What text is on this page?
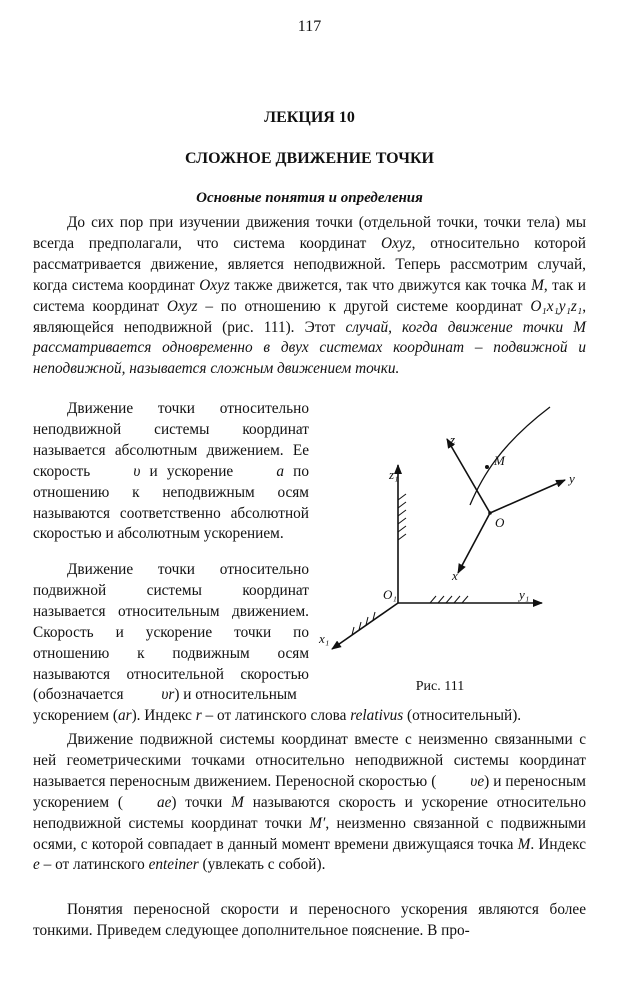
117
ЛЕКЦИЯ 10
СЛОЖНОЕ ДВИЖЕНИЕ ТОЧКИ
Основные понятия и определения
До сих пор при изучении движения точки (отдельной точки, точки тела) мы всегда предполагали, что система координат Oxyz, относительно которой рассматривается движение, является неподвижной. Теперь рассмотрим случай, когда система координат Oxyz также движется, так что движутся как точка M, так и система координат Oxyz – по отношению к другой системе координат O₁x₁y₁z₁, являющейся неподвижной (рис. 111). Этот случай, когда движение точки М рассматривается одновременно в двух системах координат – подвижной и неподвижной, называется сложным движением точки.
Движение точки относительно неподвижной системы координат называется абсолютным движением. Ее скорость υ и ускорение a по отношению к неподвижным осям называются соответственно абсолютной скоростью и абсолютным ускорением.
Движение точки относительно подвижной системы координат называется относительным движением. Скорость и ускорение точки по отношению к подвижным осям называются относительной скоростью (обозначается υr) и относительным
ускорением (ar). Индекс r – от латинского слова relativus (относительный).
Движение подвижной системы координат вместе с неизменно связанными с ней геометрическими точками относительно неподвижной системы координат называется переносным движением. Переносной скоростью ( υe) и переносным ускорением ( ae) точки M называются скорость и ускорение относительно неподвижной системы координат точки M′, неизменно связанной с подвижными осями, с которой совпадает в данный момент времени движущаяся точка M. Индекс e – от латинского enteiner (увлекать с собой).
Понятия переносной скорости и переносного ускорения являются более тонкими. Приведем следующее дополнительное пояснение. В про-
z
M
y
O
x
z₁
O₁	y₁
x₁
Рис. 111
